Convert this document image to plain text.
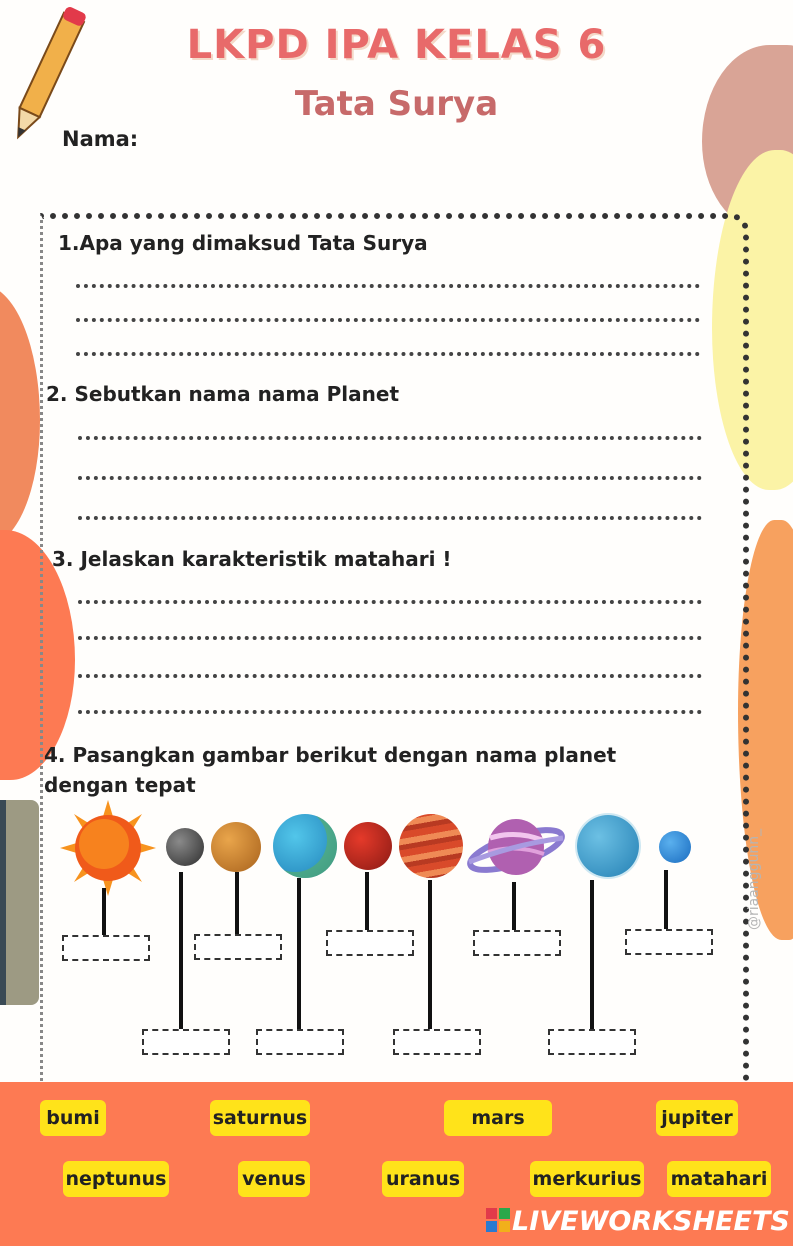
LKPD IPA KELAS 6
Tata Surya
Nama:
1.Apa yang dimaksud Tata Surya
2. Sebutkan nama nama Planet
3. Jelaskan karakteristik matahari !
4. Pasangkan gambar berikut dengan nama planet dengan tepat
@riaanggunn_
bumi	saturnus	mars	jupiter
neptunus	venus	uranus	merkurius matahari
LIVEWORKSHEETS
